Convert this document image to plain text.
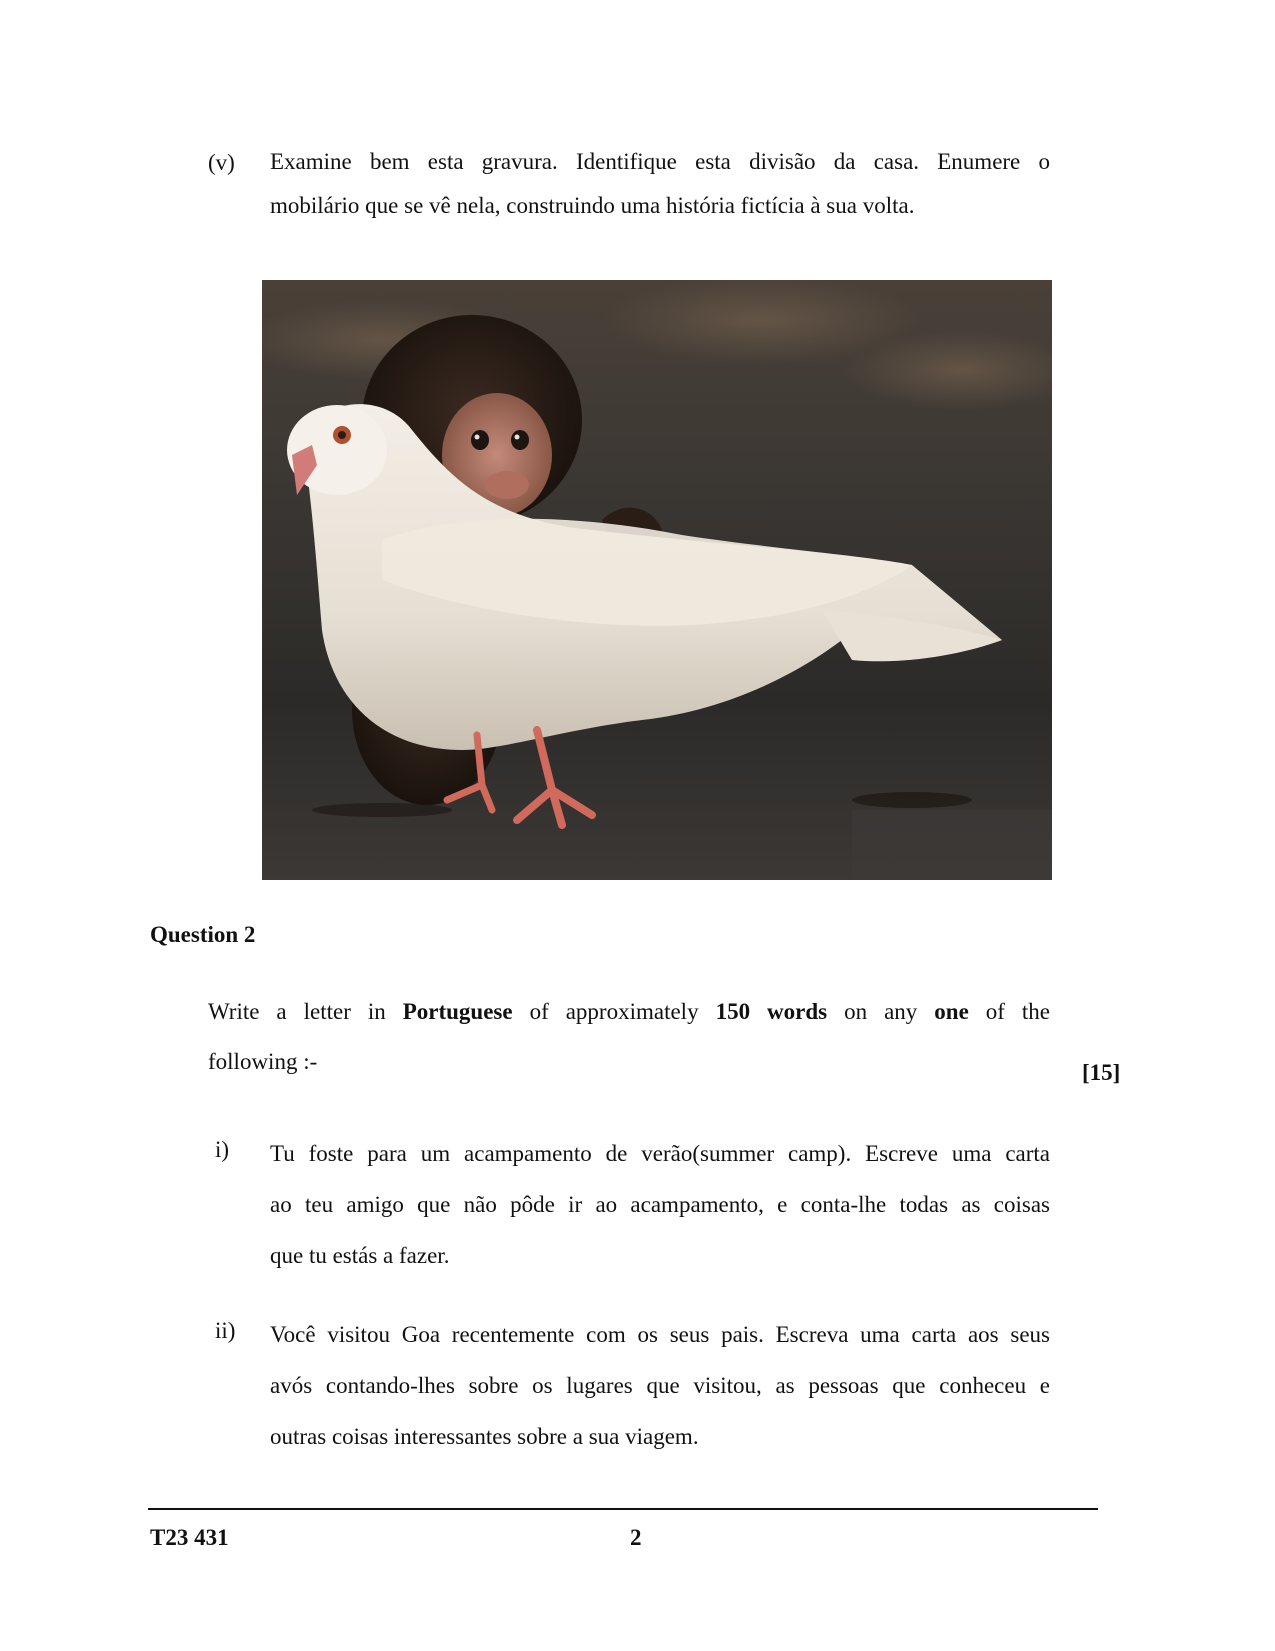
(v) Examine bem esta gravura. Identifique esta divisão da casa. Enumere o
mobilário que se vê nela, construindo uma história fictícia à sua volta.
Question 2
Write a letter in Portuguese of approximately 150 words on any one of the
following :-	[15]
i) Tu foste para um acampamento de verão(summer camp). Escreve uma carta
ao teu amigo que não pôde ir ao acampamento, e conta-lhe todas as coisas
que tu estás a fazer.
ii) Você visitou Goa recentemente com os seus pais. Escreva uma carta aos seus
avós contando-lhes sobre os lugares que visitou, as pessoas que conheceu e
outras coisas interessantes sobre a sua viagem.
T23 431	2
